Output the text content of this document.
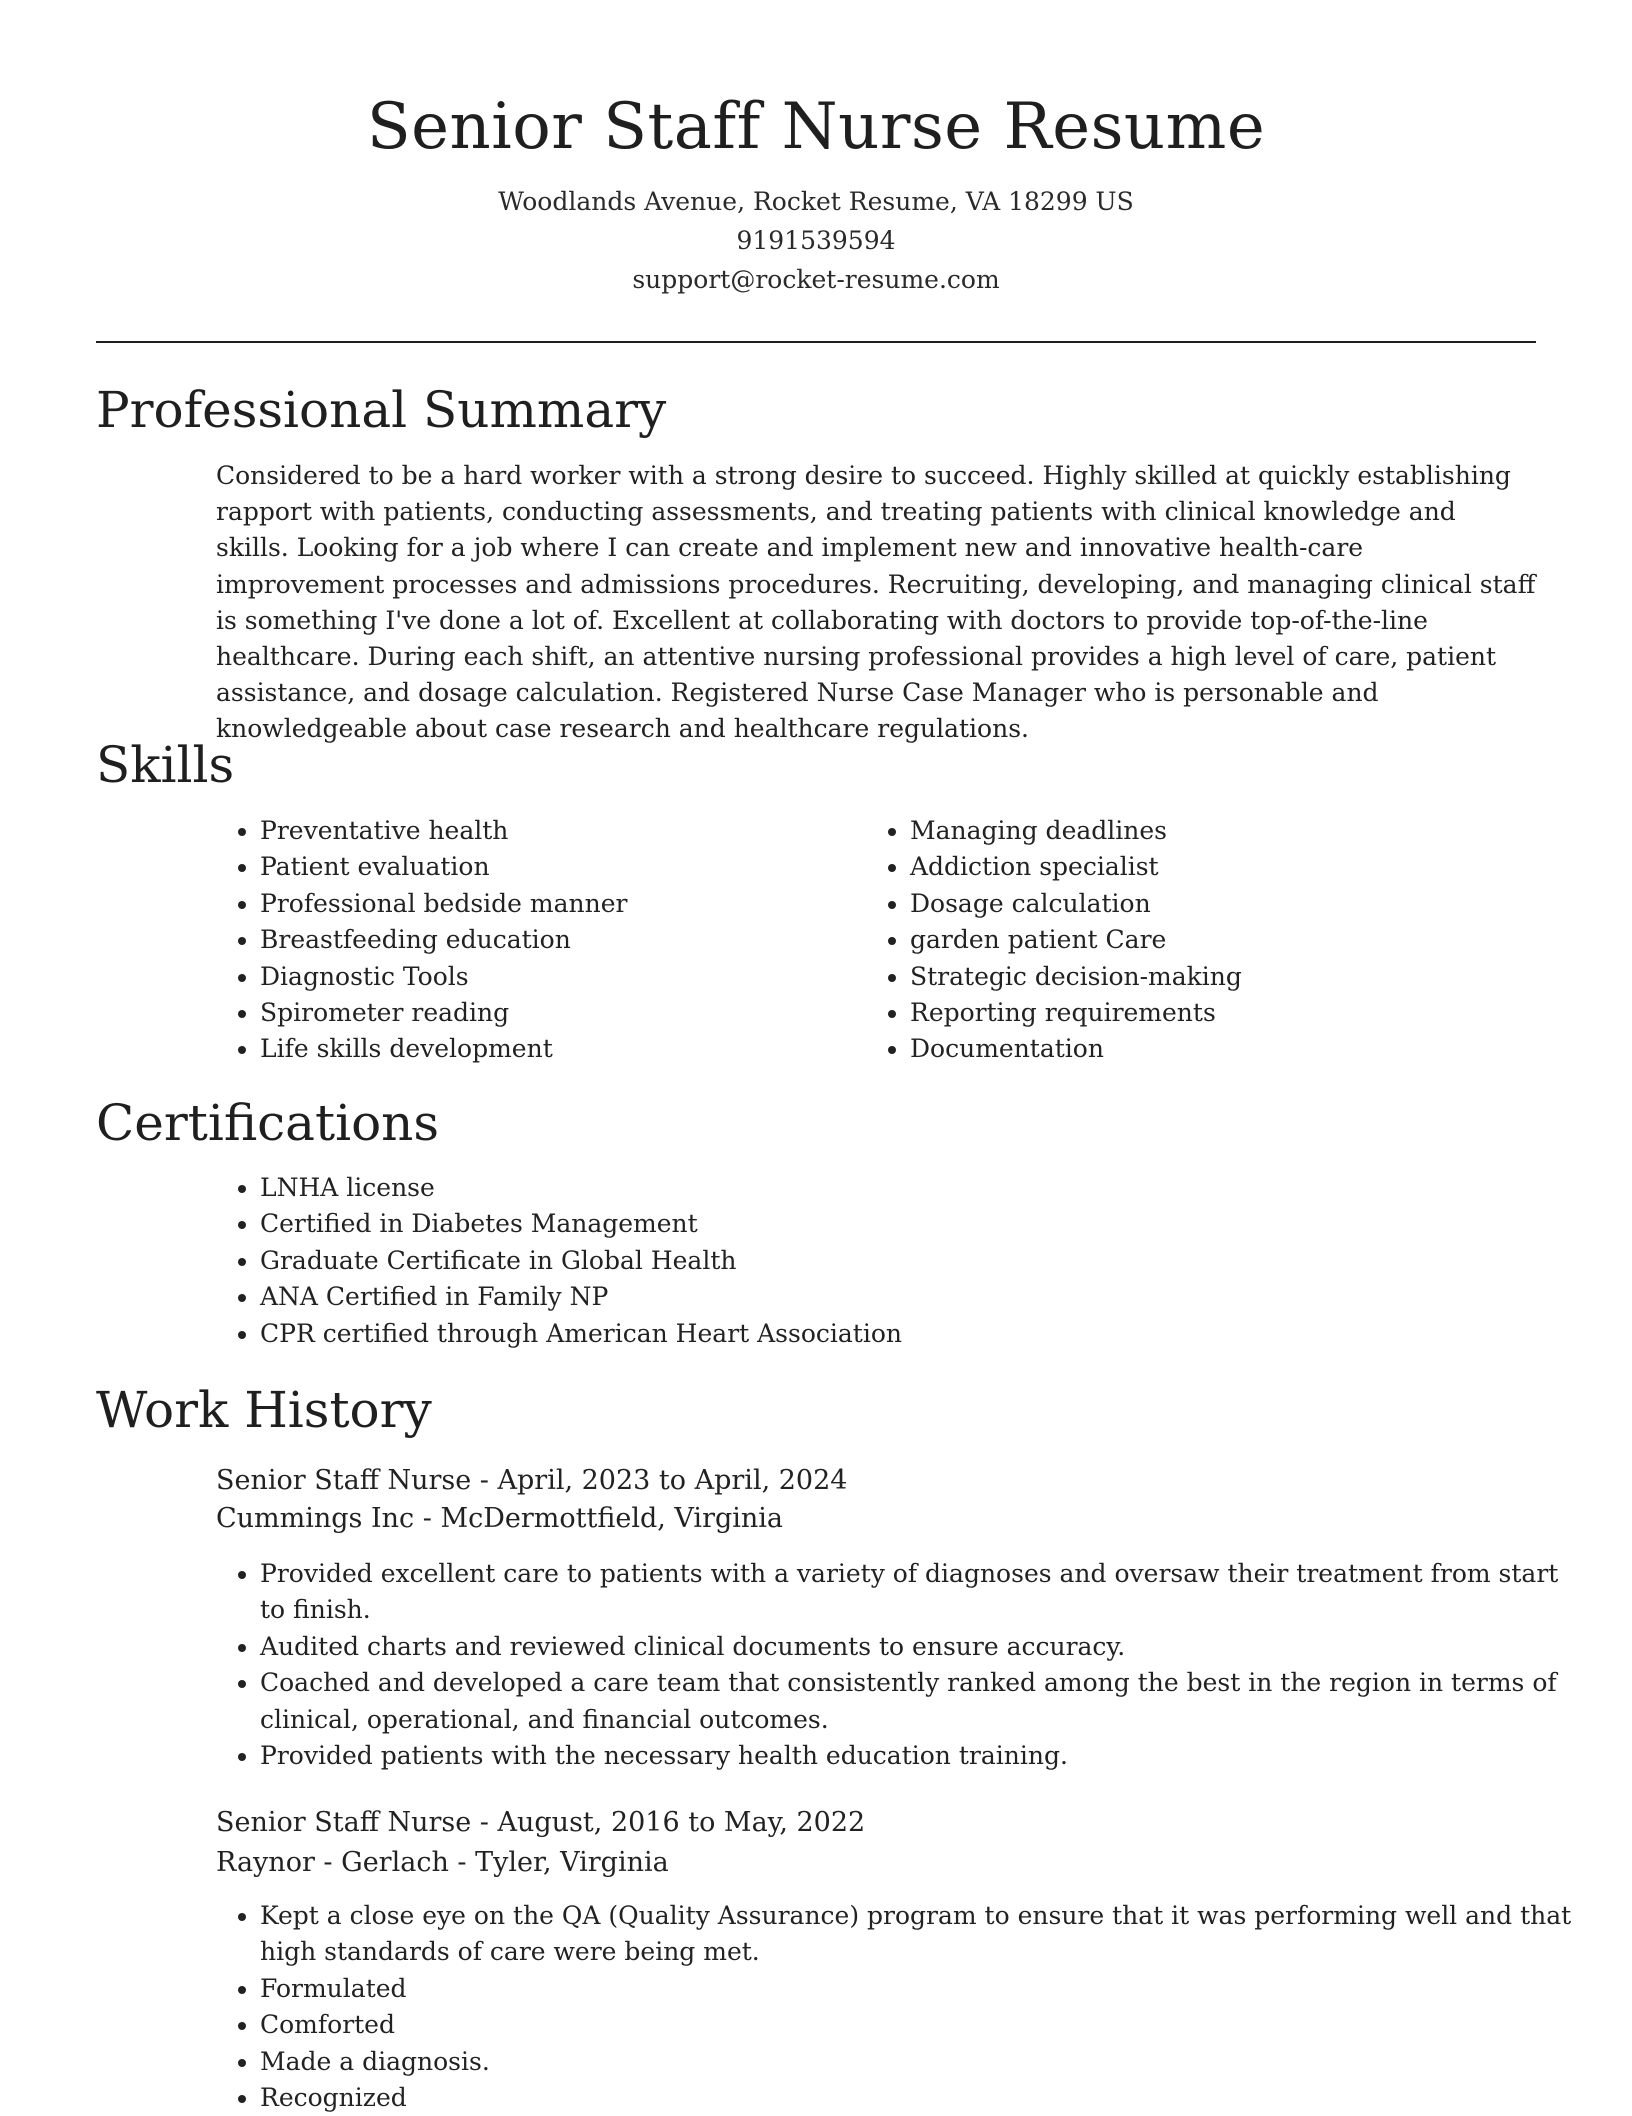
Senior Staff Nurse Resume
Woodlands Avenue, Rocket Resume, VA 18299 US
9191539594
support@rocket-resume.com
Professional Summary

Considered to be a hard worker with a strong desire to succeed. Highly skilled at quickly establishing rapport with patients, conducting assessments, and treating patients with clinical knowledge and skills. Looking for a job where I can create and implement new and innovative health-care improvement processes and admissions procedures. Recruiting, developing, and managing clinical staff is something I've done a lot of. Excellent at collaborating with doctors to provide top-of-the-line healthcare. During each shift, an attentive nursing professional provides a high level of care, patient assistance, and dosage calculation. Registered Nurse Case Manager who is personable and knowledgeable about case research and healthcare regulations.

Skills
• Preventative health
• Patient evaluation
• Professional bedside manner
• Breastfeeding education
• Diagnostic Tools
• Spirometer reading
• Life skills development
• Managing deadlines
• Addiction specialist
• Dosage calculation
• garden patient Care
• Strategic decision-making
• Reporting requirements
• Documentation
Certifications
• LNHA license
• Certified in Diabetes Management
• Graduate Certificate in Global Health
• ANA Certified in Family NP
• CPR certified through American Heart Association
Work History
Senior Staff Nurse - April, 2023 to April, 2024
Cummings Inc - McDermottfield, Virginia
• Provided excellent care to patients with a variety of diagnoses and oversaw their treatment from start to finish.
• Audited charts and reviewed clinical documents to ensure accuracy.
• Coached and developed a care team that consistently ranked among the best in the region in terms of clinical, operational, and financial outcomes.
• Provided patients with the necessary health education training.
Senior Staff Nurse - August, 2016 to May, 2022
Raynor - Gerlach - Tyler, Virginia
• Kept a close eye on the QA (Quality Assurance) program to ensure that it was performing well and that high standards of care were being met.
• Formulated
• Comforted
• Made a diagnosis.
• Recognized
